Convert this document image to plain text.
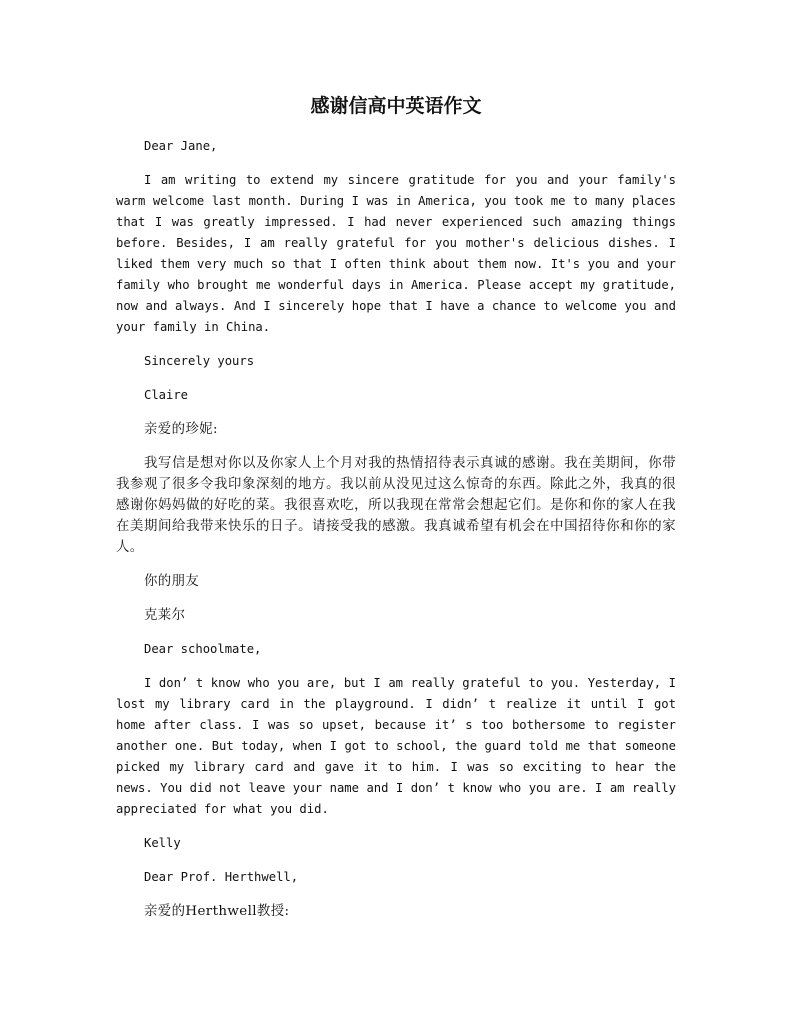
感谢信高中英语作文

Dear Jane,

I am writing to extend my sincere gratitude for you and your family's warm welcome last month. During I was in America, you took me to many places that I was greatly impressed. I had never experienced such amazing things before. Besides, I am really grateful for you mother's delicious dishes. I liked them very much so that I often think about them now. It's you and your family who brought me wonderful days in America. Please accept my gratitude, now and always. And I sincerely hope that I have a chance to welcome you and your family in China.

Sincerely yours

Claire

亲爱的珍妮:

我写信是想对你以及你家人上个月对我的热情招待表示真诚的感谢。我在美期间，你带我参观了很多令我印象深刻的地方。我以前从没见过这么惊奇的东西。除此之外，我真的很感谢你妈妈做的好吃的菜。我很喜欢吃，所以我现在常常会想起它们。是你和你的家人在我在美期间给我带来快乐的日子。请接受我的感激。我真诚希望有机会在中国招待你和你的家人。

你的朋友

克莱尔

Dear schoolmate,

I don’ t know who you are, but I am really grateful to you. Yesterday, I lost my library card in the playground. I didn’ t realize it until I got home after class. I was so upset, because it’ s too bothersome to register another one. But today, when I got to school, the guard told me that someone picked my library card and gave it to him. I was so exciting to hear the news. You did not leave your name and I don’ t know who you are. I am really appreciated for what you did.

Kelly

Dear Prof. Herthwell,

亲爱的Herthwell教授:
